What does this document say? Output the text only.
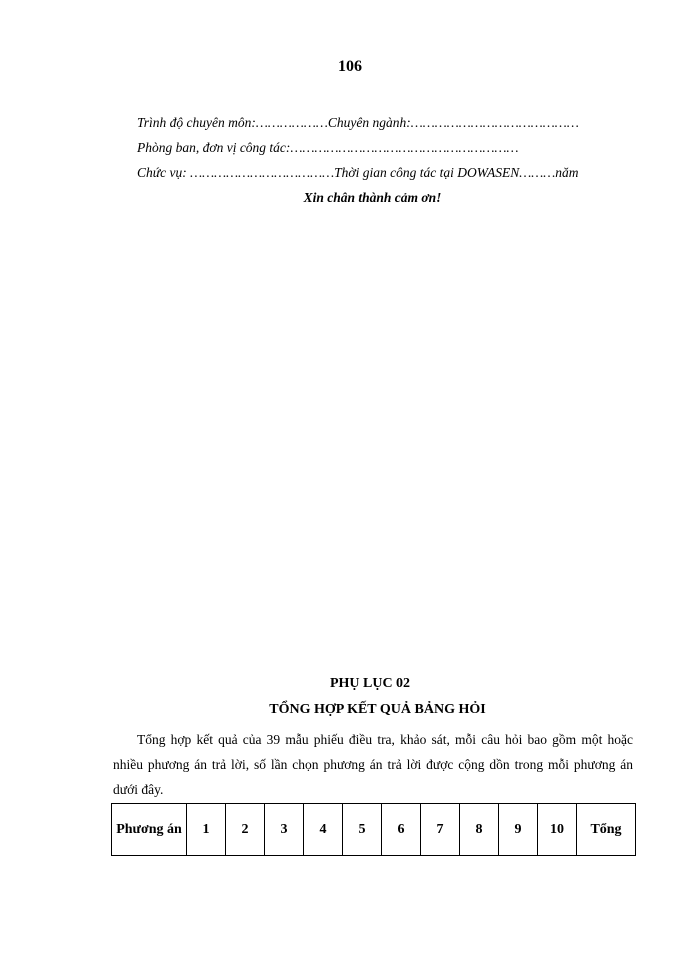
106
Trình độ chuyên môn:………………Chuyên ngành:……………………………………
Phòng ban, đơn vị công tác:…………………………………………………
Chức vụ: ………………………………Thời gian công tác tại DOWASEN………năm
Xin chân thành cảm ơn!
PHỤ LỤC 02
TỔNG HỢP KẾT QUẢ BẢNG HỎI

Tổng hợp kết quả của 39 mẫu phiếu điều tra, khảo sát, mỗi câu hỏi bao gồm một hoặc nhiều phương án trả lời, số lần chọn phương án trả lời được cộng dồn trong mỗi phương án dưới đây.

Phương án	1	2	3	4	5	6	7	8	9	10	Tổng
